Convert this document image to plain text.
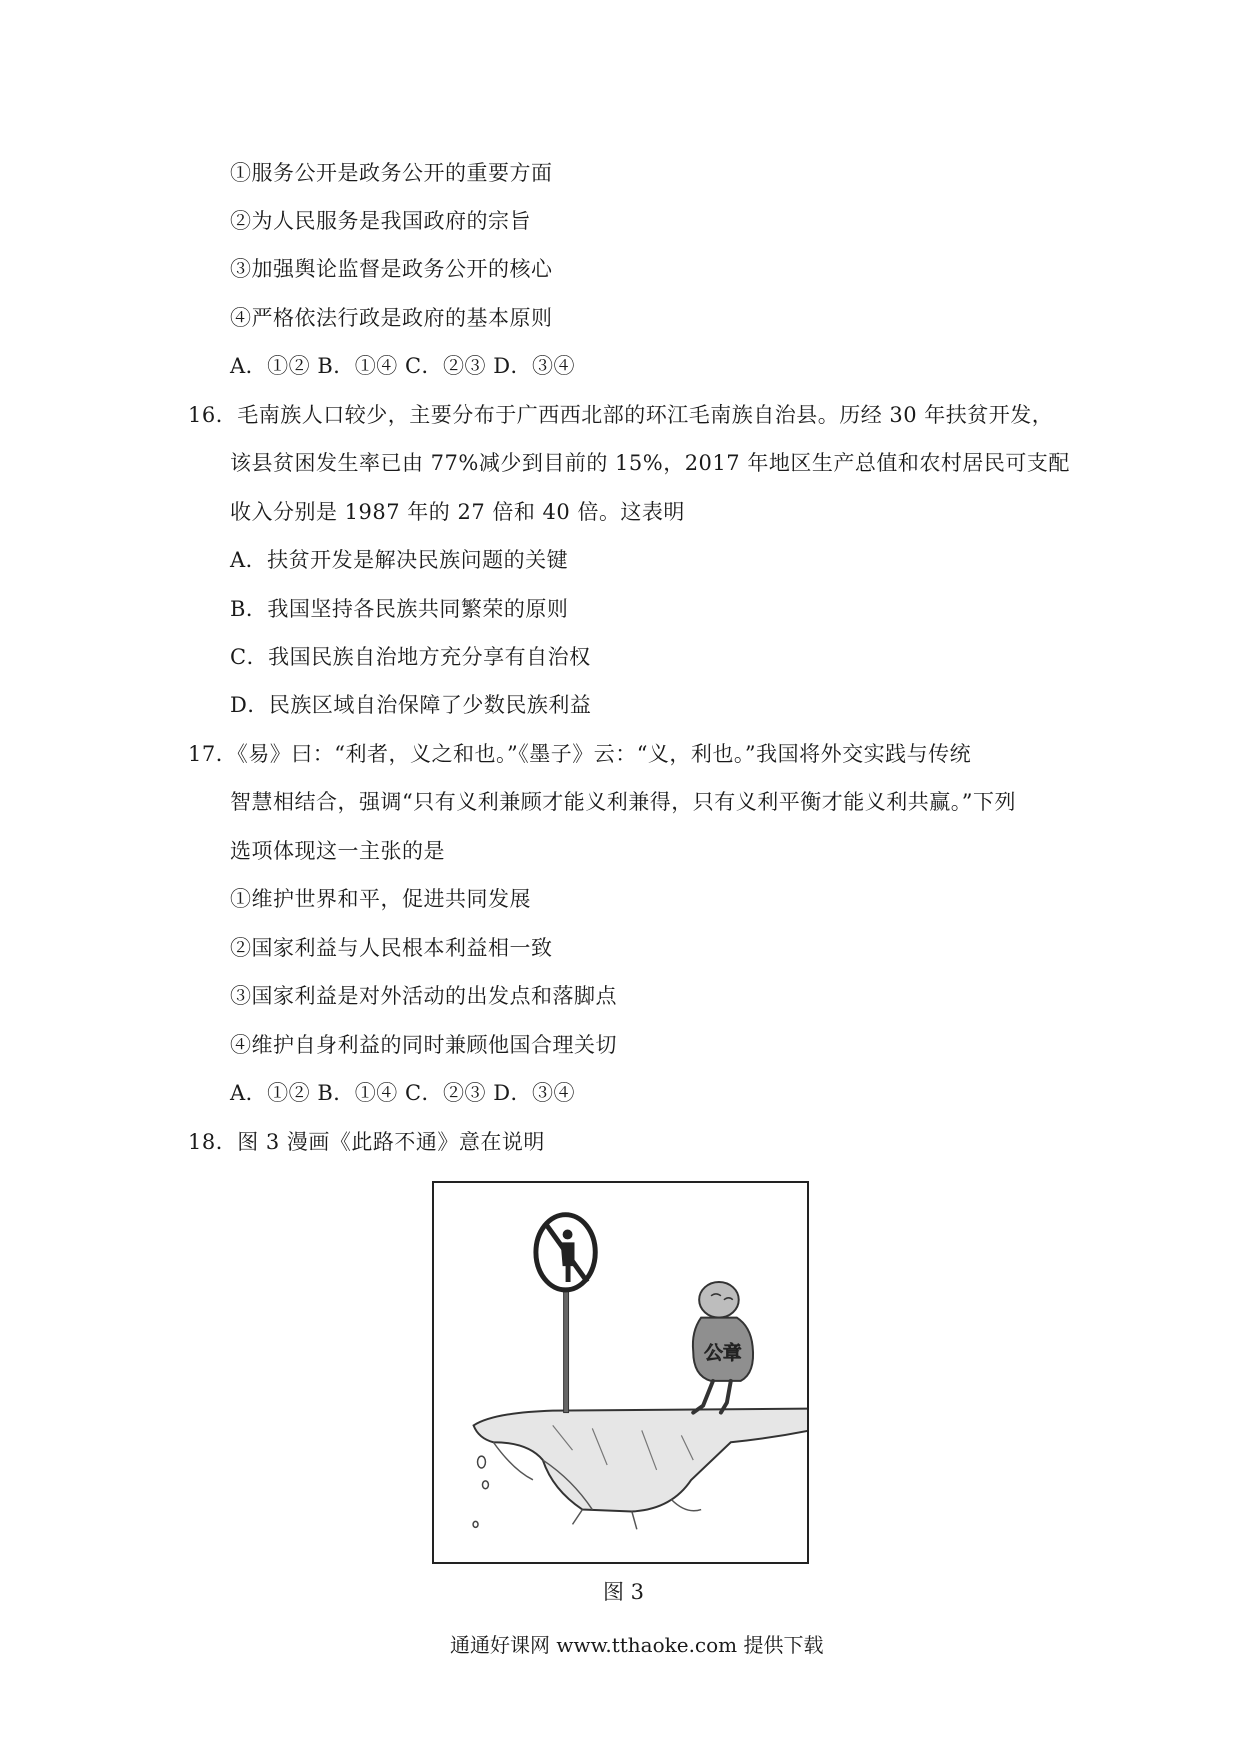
①服务公开是政务公开的重要方面
②为人民服务是我国政府的宗旨
③加强舆论监督是政务公开的核心
④严格依法行政是政府的基本原则
A．①② B．①④ C．②③ D．③④
16．毛南族人口较少，主要分布于广西西北部的环江毛南族自治县。历经 30 年扶贫开发，
该县贫困发生率已由 77%减少到目前的 15%，2017 年地区生产总值和农村居民可支配
收入分别是 1987 年的 27 倍和 40 倍。这表明
A．扶贫开发是解决民族问题的关键
B．我国坚持各民族共同繁荣的原则
C．我国民族自治地方充分享有自治权
D．民族区域自治保障了少数民族利益
17．《易》曰：“利者，义之和也。”《墨子》云：“义，利也。”我国将外交实践与传统
智慧相结合，强调“只有义利兼顾才能义利兼得，只有义利平衡才能义利共赢。”下列
选项体现这一主张的是
①维护世界和平，促进共同发展
②国家利益与人民根本利益相一致
③国家利益是对外活动的出发点和落脚点
④维护自身利益的同时兼顾他国合理关切
A．①② B．①④ C．②③ D．③④
18．图 3 漫画《此路不通》意在说明
公章
图 3
通通好课网 www.tthaoke.com 提供下载
